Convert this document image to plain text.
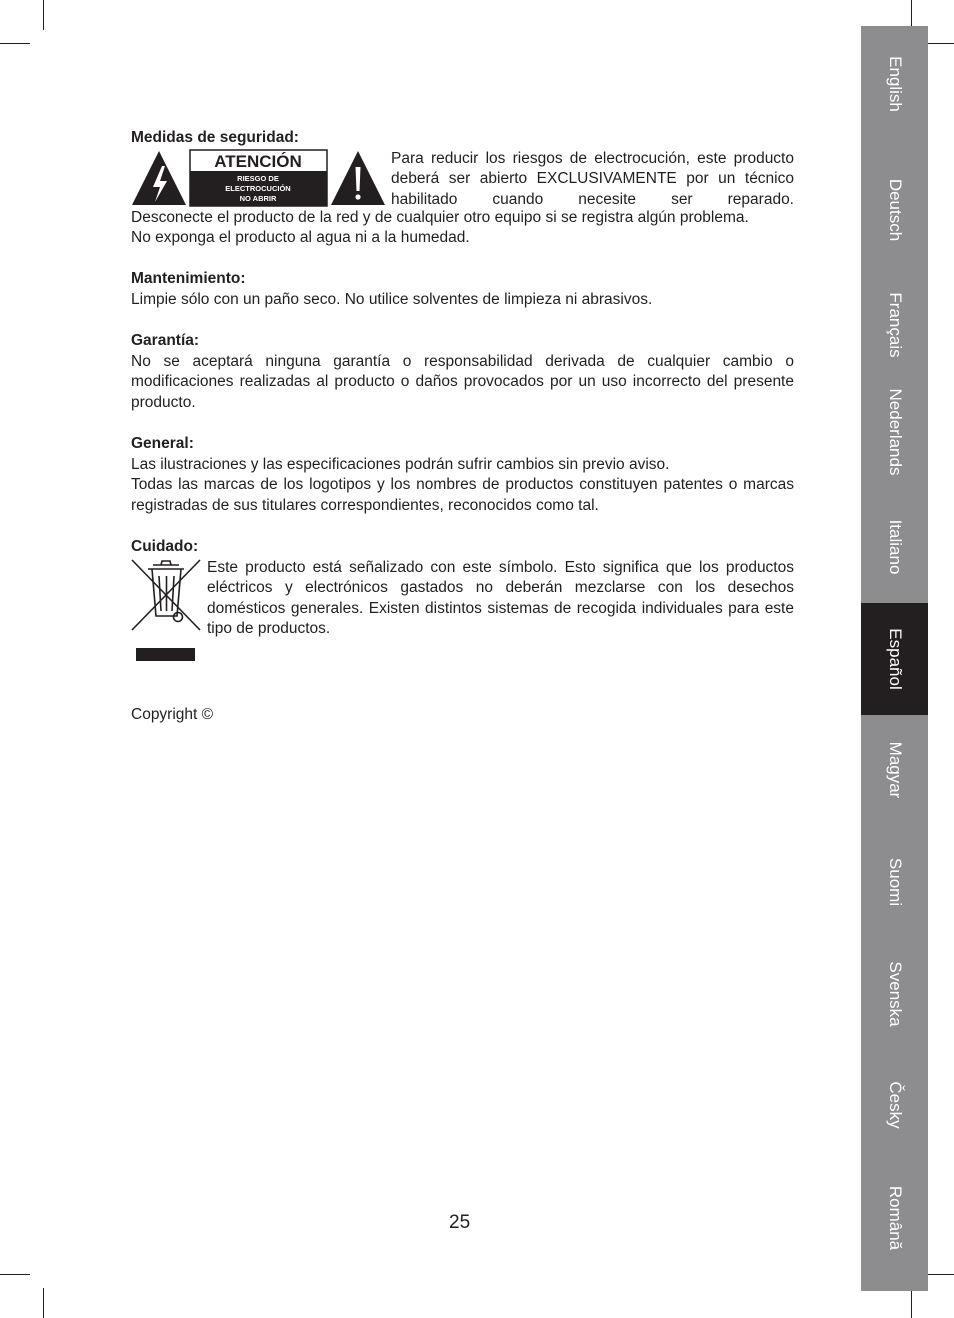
Medidas de seguridad:

ATENCIÓN
RIESGO DE
ELECTROCUCIÓN
NO ABRIR

Para reducir los riesgos de electrocución, este producto deberá ser abierto EXCLUSIVAMENTE por un técnico habilitado cuando necesite ser reparado.

Desconecte el producto de la red y de cualquier otro equipo si se registra algún problema.

No exponga el producto al agua ni a la humedad.

Mantenimiento:

Limpie sólo con un paño seco. No utilice solventes de limpieza ni abrasivos.

Garantía:

No se aceptará ninguna garantía o responsabilidad derivada de cualquier cambio o modificaciones realizadas al producto o daños provocados por un uso incorrecto del presente producto.

General:

Las ilustraciones y las especificaciones podrán sufrir cambios sin previo aviso.

Todas las marcas de los logotipos y los nombres de productos constituyen patentes o marcas registradas de sus titulares correspondientes, reconocidos como tal.

Cuidado:

Este producto está señalizado con este símbolo. Esto significa que los productos eléctricos y electrónicos gastados no deberán mezclarse con los desechos domésticos generales. Existen distintos sistemas de recogida individuales para este tipo de productos.

Copyright ©

25
English
Deutsch
Français
Nederlands
Italiano
Español
Magyar
Suomi
Svenska
Česky
Română
